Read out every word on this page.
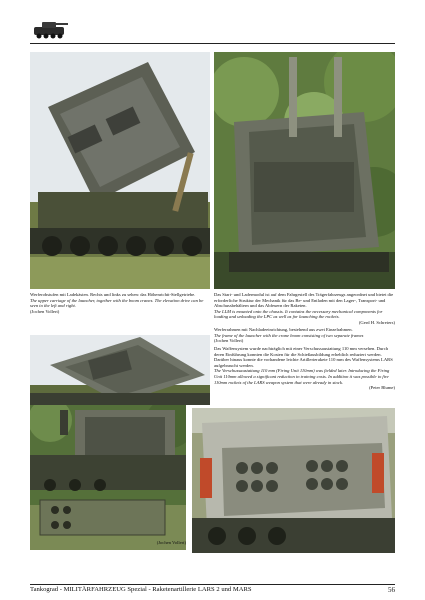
Werferobstufen mit Ladekästen. Rechts und links zu sehen: das Höhenrichtt-Stellgetriebe.
The upper carriage of the launcher, together with the boom cranes. The elevation drive can be seen to the left and right.
(Jochen Vollert)
Das Start- und Ladermodul ist auf dem Fahrgestell des Trägerfahrzeugs angeordnet und bietet die erforderliche Struktur der Mechanik für das Be- und Entladen mit den Lager-, Transport- und Abschussbehältern und das Abfeuern der Raketen.
The LLM is mounted onto the chassis. It contains the necessary mechanical components for loading and unloading the LPC as well as for launching the rockets.
(Gerd H. Schreiers)
Werferrahmen mit Nachladeeinrichtung, bestehend aus zwei Einzelrahmen.
The frame of the launcher with the crane boom consisting of two separate frames
(Jochen Vollert)
Das Waffensystem wurde nachträglich mit einer Verschussaustattung 110 mm versehen. Durch deren Einführung konnten die Kosten für die Schießausbildung erheblich reduziert werden. Darüber hinaus konnte die vorhandene leichte Artillerierakete 110 mm des Waffensystems LARS aufgebraucht werden.
The Verschussaustattung 110 mm (Firing Unit 110mm) was fielded later. Introducing the Firing Unit 110mm allowed a significant reduction in training costs. In addition it was possible to fire 110mm rockets of the LARS weapon system that were already in stock.
(Peter Blume)
(Jochen Vollert)
Tankograd - MILITÄRFAHRZEUG Spezial - Raketenartillerie LARS 2 und MARS	56
